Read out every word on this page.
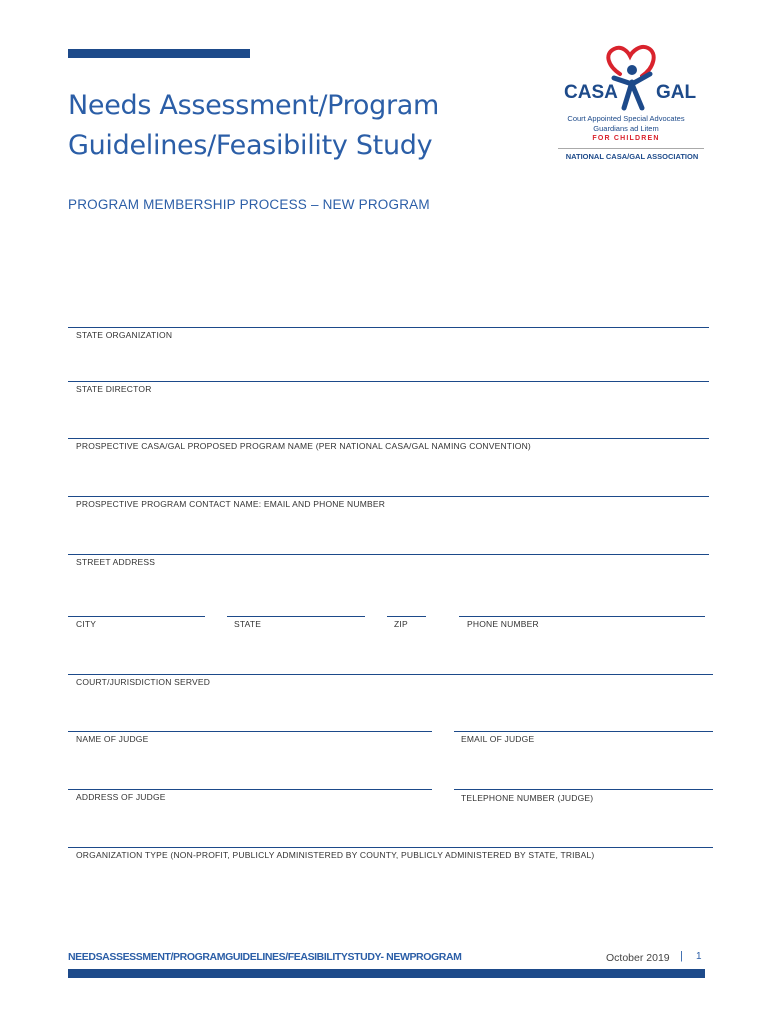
Needs Assessment/Program
Guidelines/Feasibility Study
PROGRAM MEMBERSHIP PROCESS – NEW PROGRAM
CASA GAL
Court Appointed Special Advocates
Guardians ad Litem
FOR CHILDREN
NATIONAL CASA/GAL ASSOCIATION
STATE ORGANIZATION
STATE DIRECTOR
PROSPECTIVE CASA/GAL PROPOSED PROGRAM NAME (PER NATIONAL CASA/GAL NAMING CONVENTION)
PROSPECTIVE PROGRAM CONTACT NAME: EMAIL AND PHONE NUMBER
STREET ADDRESS
CITY	STATE	ZIP	PHONE NUMBER
COURT/JURISDICTION SERVED
NAME OF JUDGE	EMAIL OF JUDGE
ADDRESS OF JUDGE	TELEPHONE NUMBER (JUDGE)
ORGANIZATION TYPE (NON-PROFIT, PUBLICLY ADMINISTERED BY COUNTY, PUBLICLY ADMINISTERED BY STATE, TRIBAL)
NEEDSASSESSMENT/PROGRAMGUIDELINES/FEASIBILITYSTUDY- NEWPROGRAM	October 2019 | 1
